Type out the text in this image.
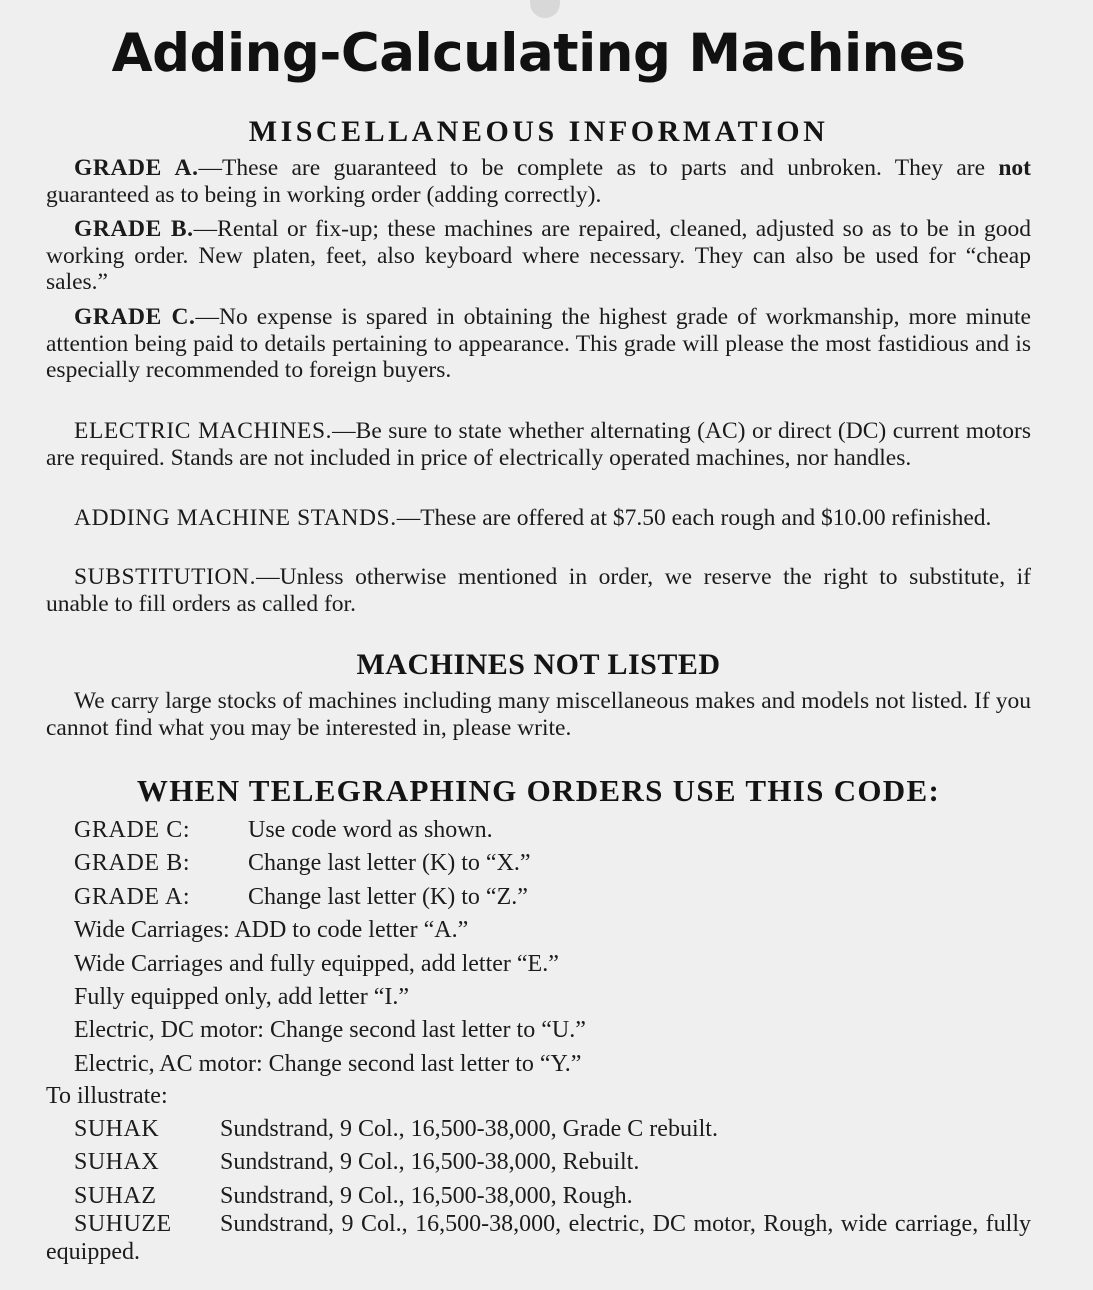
Adding-Calculating Machines
MISCELLANEOUS INFORMATION

GRADE A.—These are guaranteed to be complete as to parts and unbroken. They are not guaranteed as to being in working order (adding correctly).

GRADE B.—Rental or fix-up; these machines are repaired, cleaned, adjusted so as to be in good working order. New platen, feet, also keyboard where necessary. They can also be used for “cheap sales.”

GRADE C.—No expense is spared in obtaining the highest grade of workmanship, more minute attention being paid to details pertaining to appearance. This grade will please the most fastidious and is especially recommended to foreign buyers.

ELECTRIC MACHINES.—Be sure to state whether alternating (AC) or direct (DC) current motors are required. Stands are not included in price of electrically operated machines, nor handles.

ADDING MACHINE STANDS.—These are offered at $7.50 each rough and $10.00 refinished.

SUBSTITUTION.—Unless otherwise mentioned in order, we reserve the right to substitute, if unable to fill orders as called for.

MACHINES NOT LISTED

We carry large stocks of machines including many miscellaneous makes and models not listed. If you cannot find what you may be interested in, please write.

WHEN TELEGRAPHING ORDERS USE THIS CODE:
GRADE C: Use code word as shown.
GRADE B: Change last letter (K) to “X.”
GRADE A: Change last letter (K) to “Z.”
Wide Carriages: ADD to code letter “A.”
Wide Carriages and fully equipped, add letter “E.”
Fully equipped only, add letter “I.”
Electric, DC motor: Change second last letter to “U.”
Electric, AC motor: Change second last letter to “Y.”

To illustrate:

SUHAK	Sundstrand, 9 Col., 16,500-38,000, Grade C rebuilt.
SUHAX	Sundstrand, 9 Col., 16,500-38,000, Rebuilt.
SUHAZ	Sundstrand, 9 Col., 16,500-38,000, Rough.

SUHUZE Sundstrand, 9 Col., 16,500-38,000, electric, DC motor, Rough, wide carriage, fully equipped.
